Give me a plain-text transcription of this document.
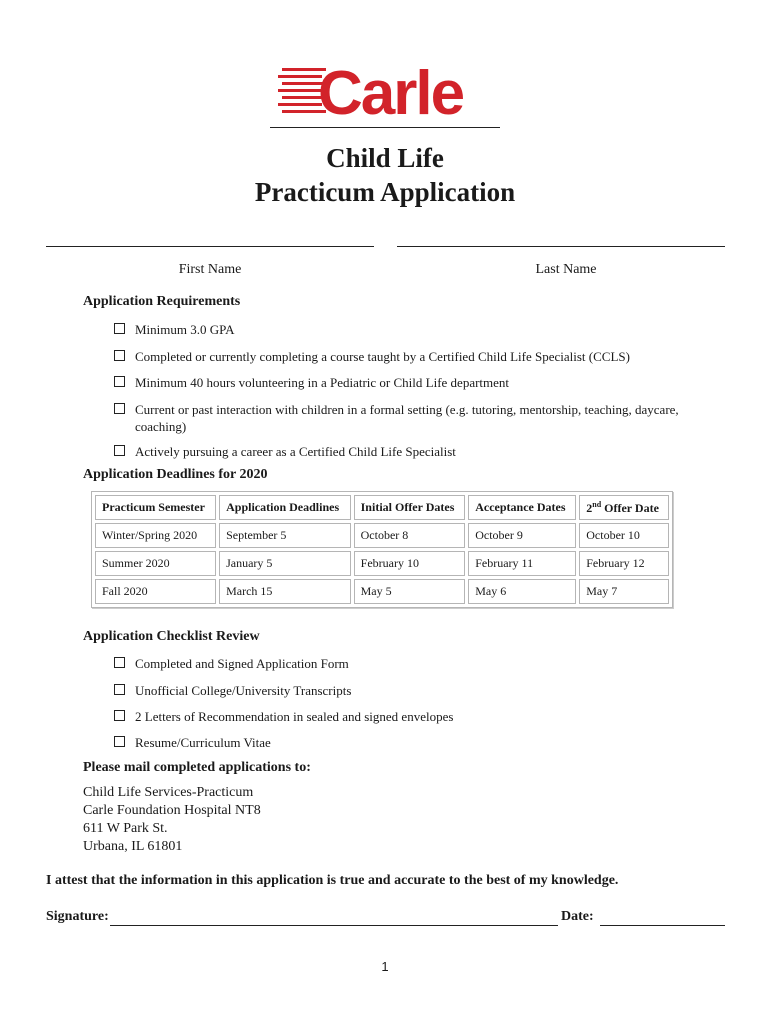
Carle
Child Life
Practicum Application
First Name	Last Name
Application Requirements
Minimum 3.0 GPA
Completed or currently completing a course taught by a Certified Child Life Specialist (CCLS)
Minimum 40 hours volunteering in a Pediatric or Child Life department
Current or past interaction with children in a formal setting (e.g. tutoring, mentorship, teaching, daycare, coaching)
Actively pursuing a career as a Certified Child Life Specialist
Application Deadlines for 2020
Practicum Semester	Application Deadlines	Initial Offer Dates	Acceptance Dates	2nd Offer Date
Winter/Spring 2020	September 5	October 8	October 9	October 10
Summer 2020	January 5	February 10	February 11	February 12
Fall 2020	March 15	May 5	May 6	May 7
Application Checklist Review
Completed and Signed Application Form
Unofficial College/University Transcripts
2 Letters of Recommendation in sealed and signed envelopes
Resume/Curriculum Vitae
Please mail completed applications to:
Child Life Services-Practicum
Carle Foundation Hospital NT8
611 W Park St.
Urbana, IL 61801
I attest that the information in this application is true and accurate to the best of my knowledge.
Signature:	Date:
1
